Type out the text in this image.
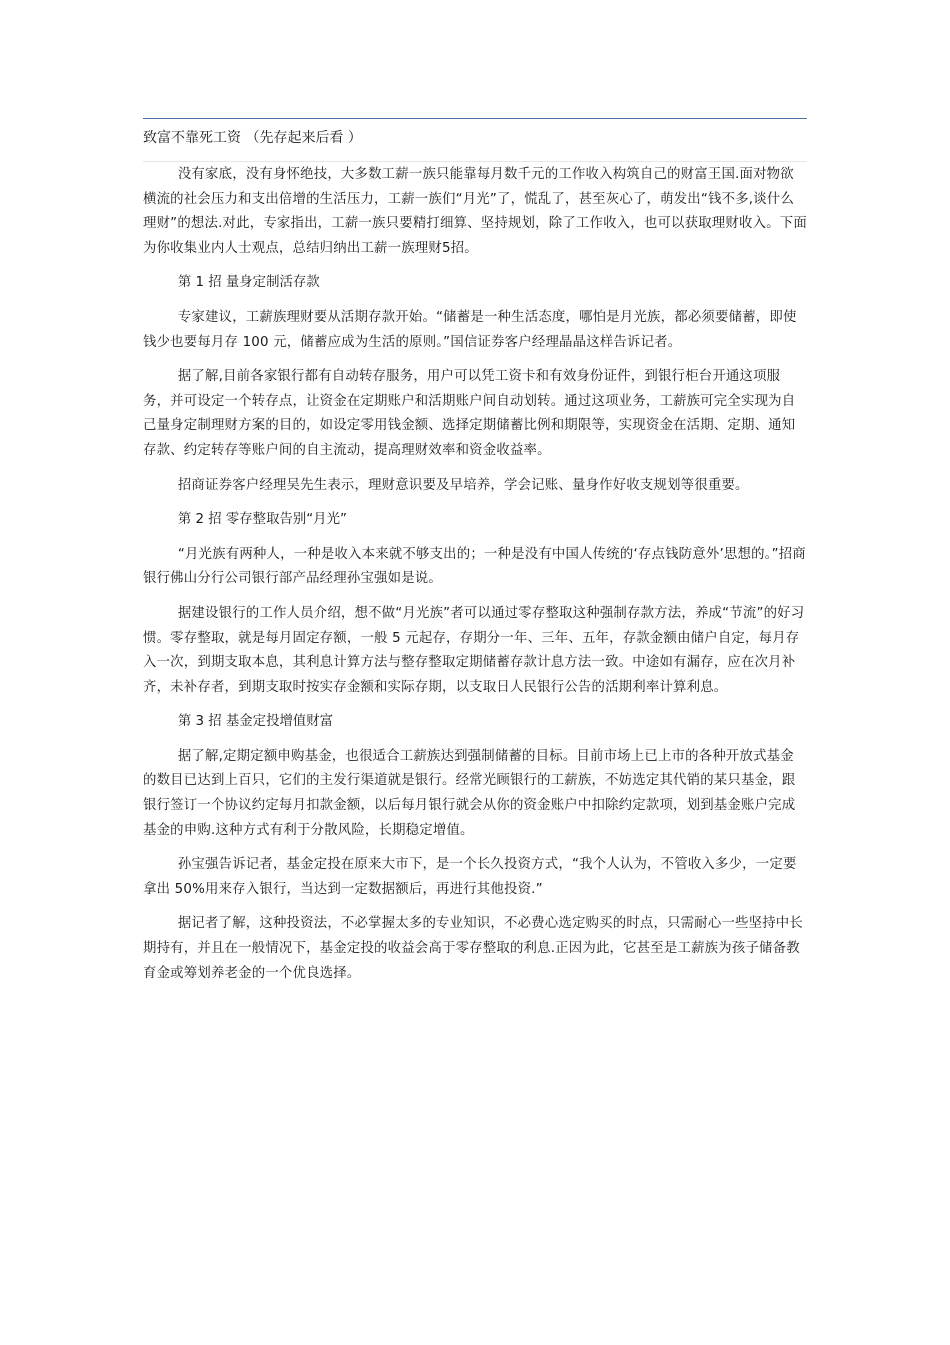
致富不靠死工资 （先存起来后看 ）

没有家底，没有身怀绝技，大多数工薪一族只能靠每月数千元的工作收入构筑自己的财富王国.面对物欲横流的社会压力和支出倍增的生活压力，工薪一族们“月光”了，慌乱了，甚至灰心了，萌发出“钱不多,谈什么理财”的想法.对此，专家指出，工薪一族只要精打细算、坚持规划，除了工作收入，也可以获取理财收入。下面为你收集业内人士观点，总结归纳出工薪一族理财5招。

第 1 招 量身定制活存款

专家建议，工薪族理财要从活期存款开始。“储蓄是一种生活态度，哪怕是月光族，都必须要储蓄，即使钱少也要每月存 100 元，储蓄应成为生活的原则。”国信证券客户经理晶晶这样告诉记者。

据了解,目前各家银行都有自动转存服务，用户可以凭工资卡和有效身份证件，到银行柜台开通这项服务，并可设定一个转存点，让资金在定期账户和活期账户间自动划转。通过这项业务，工薪族可完全实现为自己量身定制理财方案的目的，如设定零用钱金额、选择定期储蓄比例和期限等，实现资金在活期、定期、通知存款、约定转存等账户间的自主流动，提高理财效率和资金收益率。

招商证券客户经理吴先生表示，理财意识要及早培养，学会记账、量身作好收支规划等很重要。

第 2 招 零存整取告别“月光”

“月光族有两种人，一种是收入本来就不够支出的；一种是没有中国人传统的‘存点钱防意外’思想的。”招商银行佛山分行公司银行部产品经理孙宝强如是说。

据建设银行的工作人员介绍，想不做“月光族”者可以通过零存整取这种强制存款方法，养成“节流”的好习惯。零存整取，就是每月固定存额，一般 5 元起存，存期分一年、三年、五年，存款金额由储户自定，每月存入一次，到期支取本息，其利息计算方法与整存整取定期储蓄存款计息方法一致。中途如有漏存，应在次月补齐，未补存者，到期支取时按实存金额和实际存期，以支取日人民银行公告的活期利率计算利息。

第 3 招 基金定投增值财富

据了解,定期定额申购基金，也很适合工薪族达到强制储蓄的目标。目前市场上已上市的各种开放式基金的数目已达到上百只，它们的主发行渠道就是银行。经常光顾银行的工薪族，不妨选定其代销的某只基金，跟银行签订一个协议约定每月扣款金额，以后每月银行就会从你的资金账户中扣除约定款项，划到基金账户完成基金的申购.这种方式有利于分散风险，长期稳定增值。

孙宝强告诉记者，基金定投在原来大市下，是一个长久投资方式，“我个人认为，不管收入多少，一定要拿出 50%用来存入银行，当达到一定数据额后，再进行其他投资.”

据记者了解，这种投资法，不必掌握太多的专业知识，不必费心选定购买的时点，只需耐心一些坚持中长期持有，并且在一般情况下，基金定投的收益会高于零存整取的利息.正因为此，它甚至是工薪族为孩子储备教育金或筹划养老金的一个优良选择。
